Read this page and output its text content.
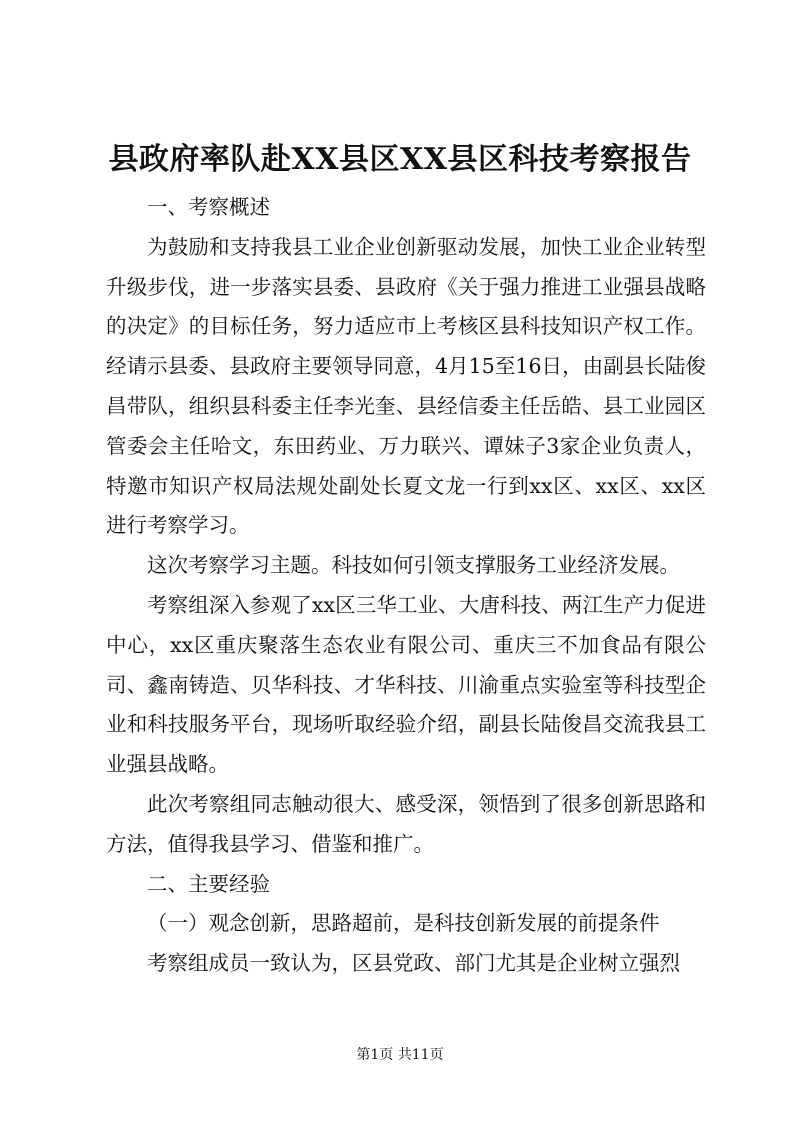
县政府率队赴XX县区XX县区科技考察报告

一、考察概述

为鼓励和支持我县工业企业创新驱动发展，加快工业企业转型升级步伐，进一步落实县委、县政府《关于强力推进工业强县战略的决定》的目标任务，努力适应市上考核区县科技知识产权工作。经请示县委、县政府主要领导同意，4月15至16日，由副县长陆俊昌带队，组织县科委主任李光奎、县经信委主任岳皓、县工业园区管委会主任哈文，东田药业、万力联兴、谭妹子3家企业负责人，特邀市知识产权局法规处副处长夏文龙一行到xx区、xx区、xx区进行考察学习。

这次考察学习主题。科技如何引领支撑服务工业经济发展。

考察组深入参观了xx区三华工业、大唐科技、两江生产力促进中心，xx区重庆聚落生态农业有限公司、重庆三不加食品有限公司、鑫南铸造、贝华科技、才华科技、川渝重点实验室等科技型企业和科技服务平台，现场听取经验介绍，副县长陆俊昌交流我县工业强县战略。

此次考察组同志触动很大、感受深，领悟到了很多创新思路和方法，值得我县学习、借鉴和推广。

二、主要经验

（一）观念创新，思路超前，是科技创新发展的前提条件

考察组成员一致认为，区县党政、部门尤其是企业树立强烈

第1页 共11页
